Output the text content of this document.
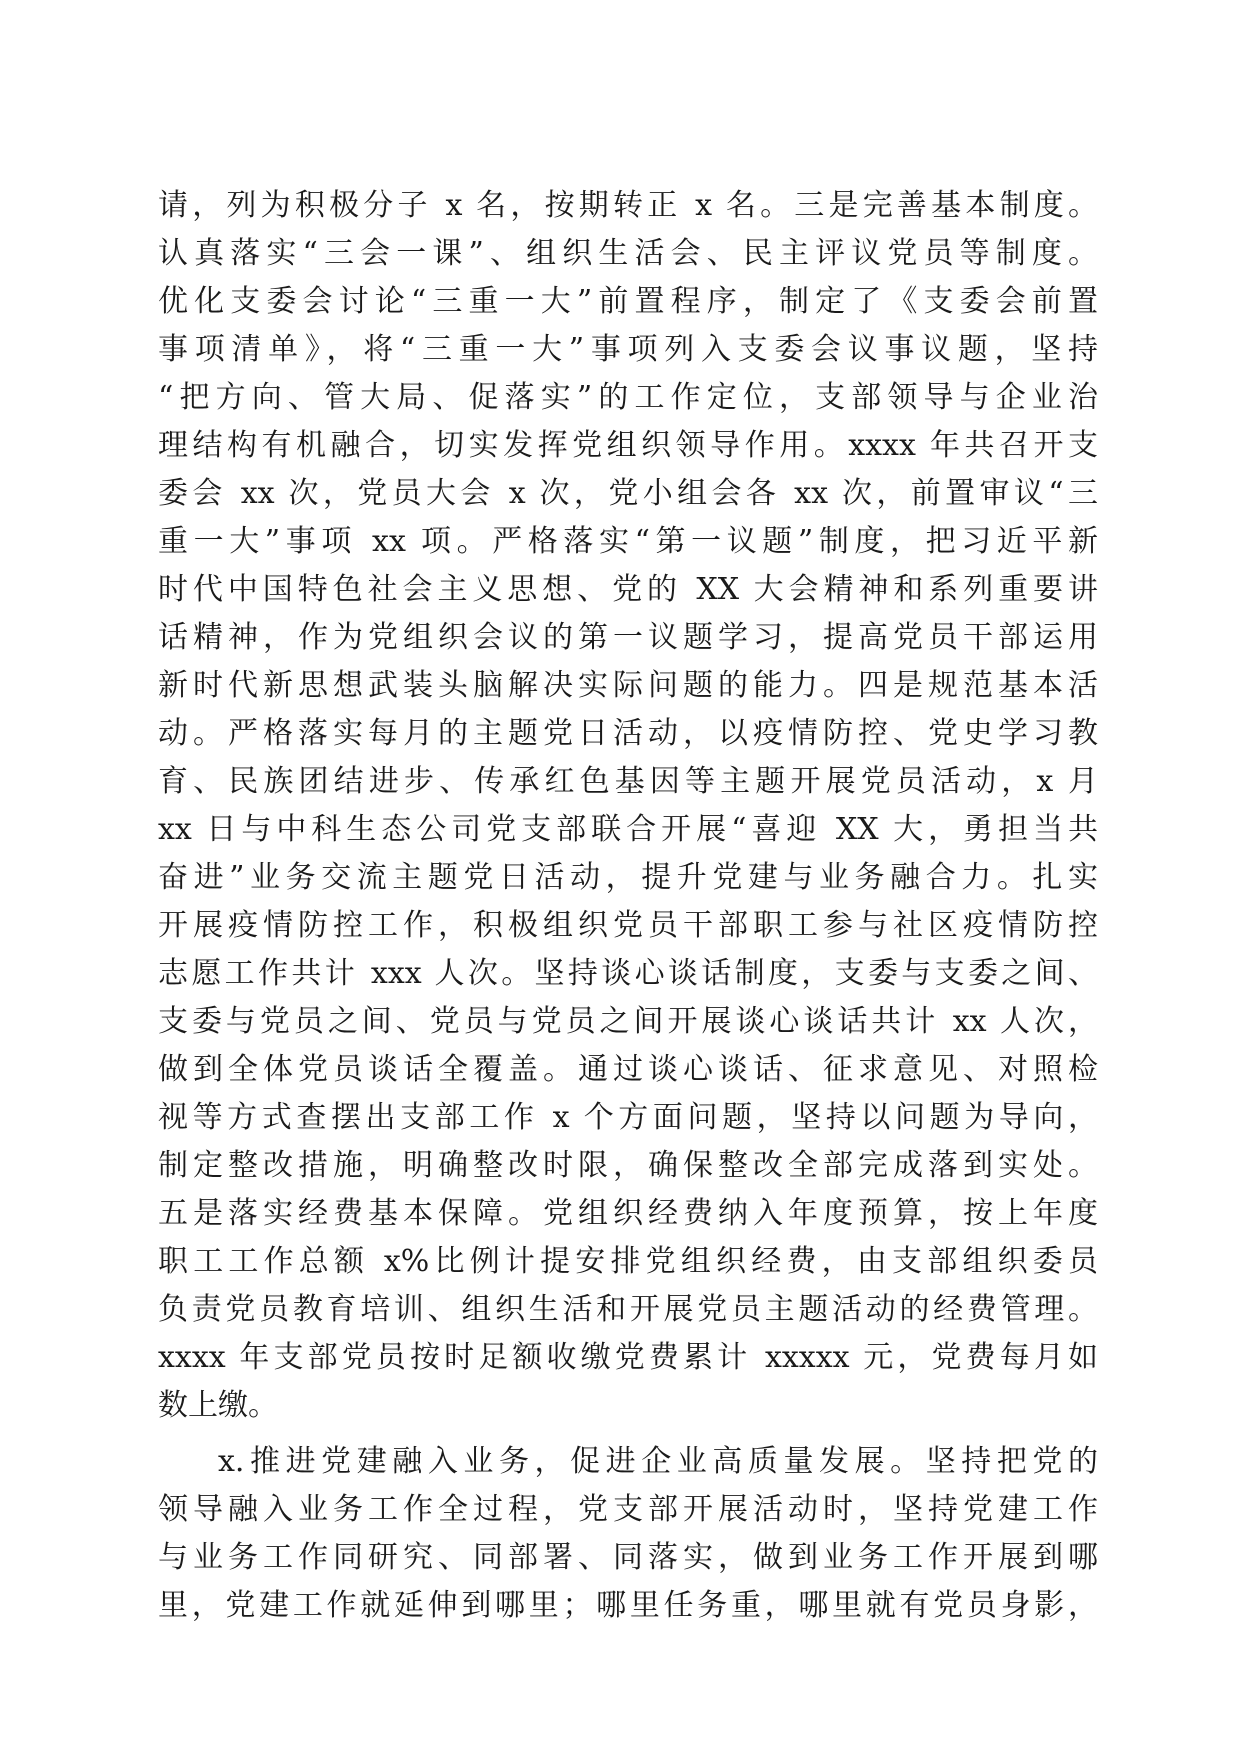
请，列为积极分子 x 名，按期转正 x 名。三是完善基本制度。
认真落实“三会一课”、组织生活会、民主评议党员等制度。
优化支委会讨论“三重一大”前置程序，制定了《支委会前置
事项清单》，将“三重一大”事项列入支委会议事议题，坚持
“把方向、管大局、促落实”的工作定位，支部领导与企业治
理结构有机融合，切实发挥党组织领导作用。xxxx 年共召开支
委会 xx 次，党员大会 x 次，党小组会各 xx 次，前置审议“三
重一大”事项 xx 项。严格落实“第一议题”制度，把习近平新
时代中国特色社会主义思想、党的 XX 大会精神和系列重要讲
话精神，作为党组织会议的第一议题学习，提高党员干部运用
新时代新思想武装头脑解决实际问题的能力。四是规范基本活
动。严格落实每月的主题党日活动，以疫情防控、党史学习教
育、民族团结进步、传承红色基因等主题开展党员活动，x 月
xx 日与中科生态公司党支部联合开展“喜迎 XX 大，勇担当共
奋进”业务交流主题党日活动，提升党建与业务融合力。扎实
开展疫情防控工作，积极组织党员干部职工参与社区疫情防控
志愿工作共计 xxx 人次。坚持谈心谈话制度，支委与支委之间、
支委与党员之间、党员与党员之间开展谈心谈话共计 xx 人次，
做到全体党员谈话全覆盖。通过谈心谈话、征求意见、对照检
视等方式查摆出支部工作 x 个方面问题，坚持以问题为导向，
制定整改措施，明确整改时限，确保整改全部完成落到实处。
五是落实经费基本保障。党组织经费纳入年度预算，按上年度
职工工作总额 x%比例计提安排党组织经费，由支部组织委员
负责党员教育培训、组织生活和开展党员主题活动的经费管理。
xxxx 年支部党员按时足额收缴党费累计 xxxxx 元，党费每月如
数上缴。
x.推进党建融入业务，促进企业高质量发展。坚持把党的
领导融入业务工作全过程，党支部开展活动时，坚持党建工作
与业务工作同研究、同部署、同落实，做到业务工作开展到哪
里，党建工作就延伸到哪里；哪里任务重，哪里就有党员身影，
